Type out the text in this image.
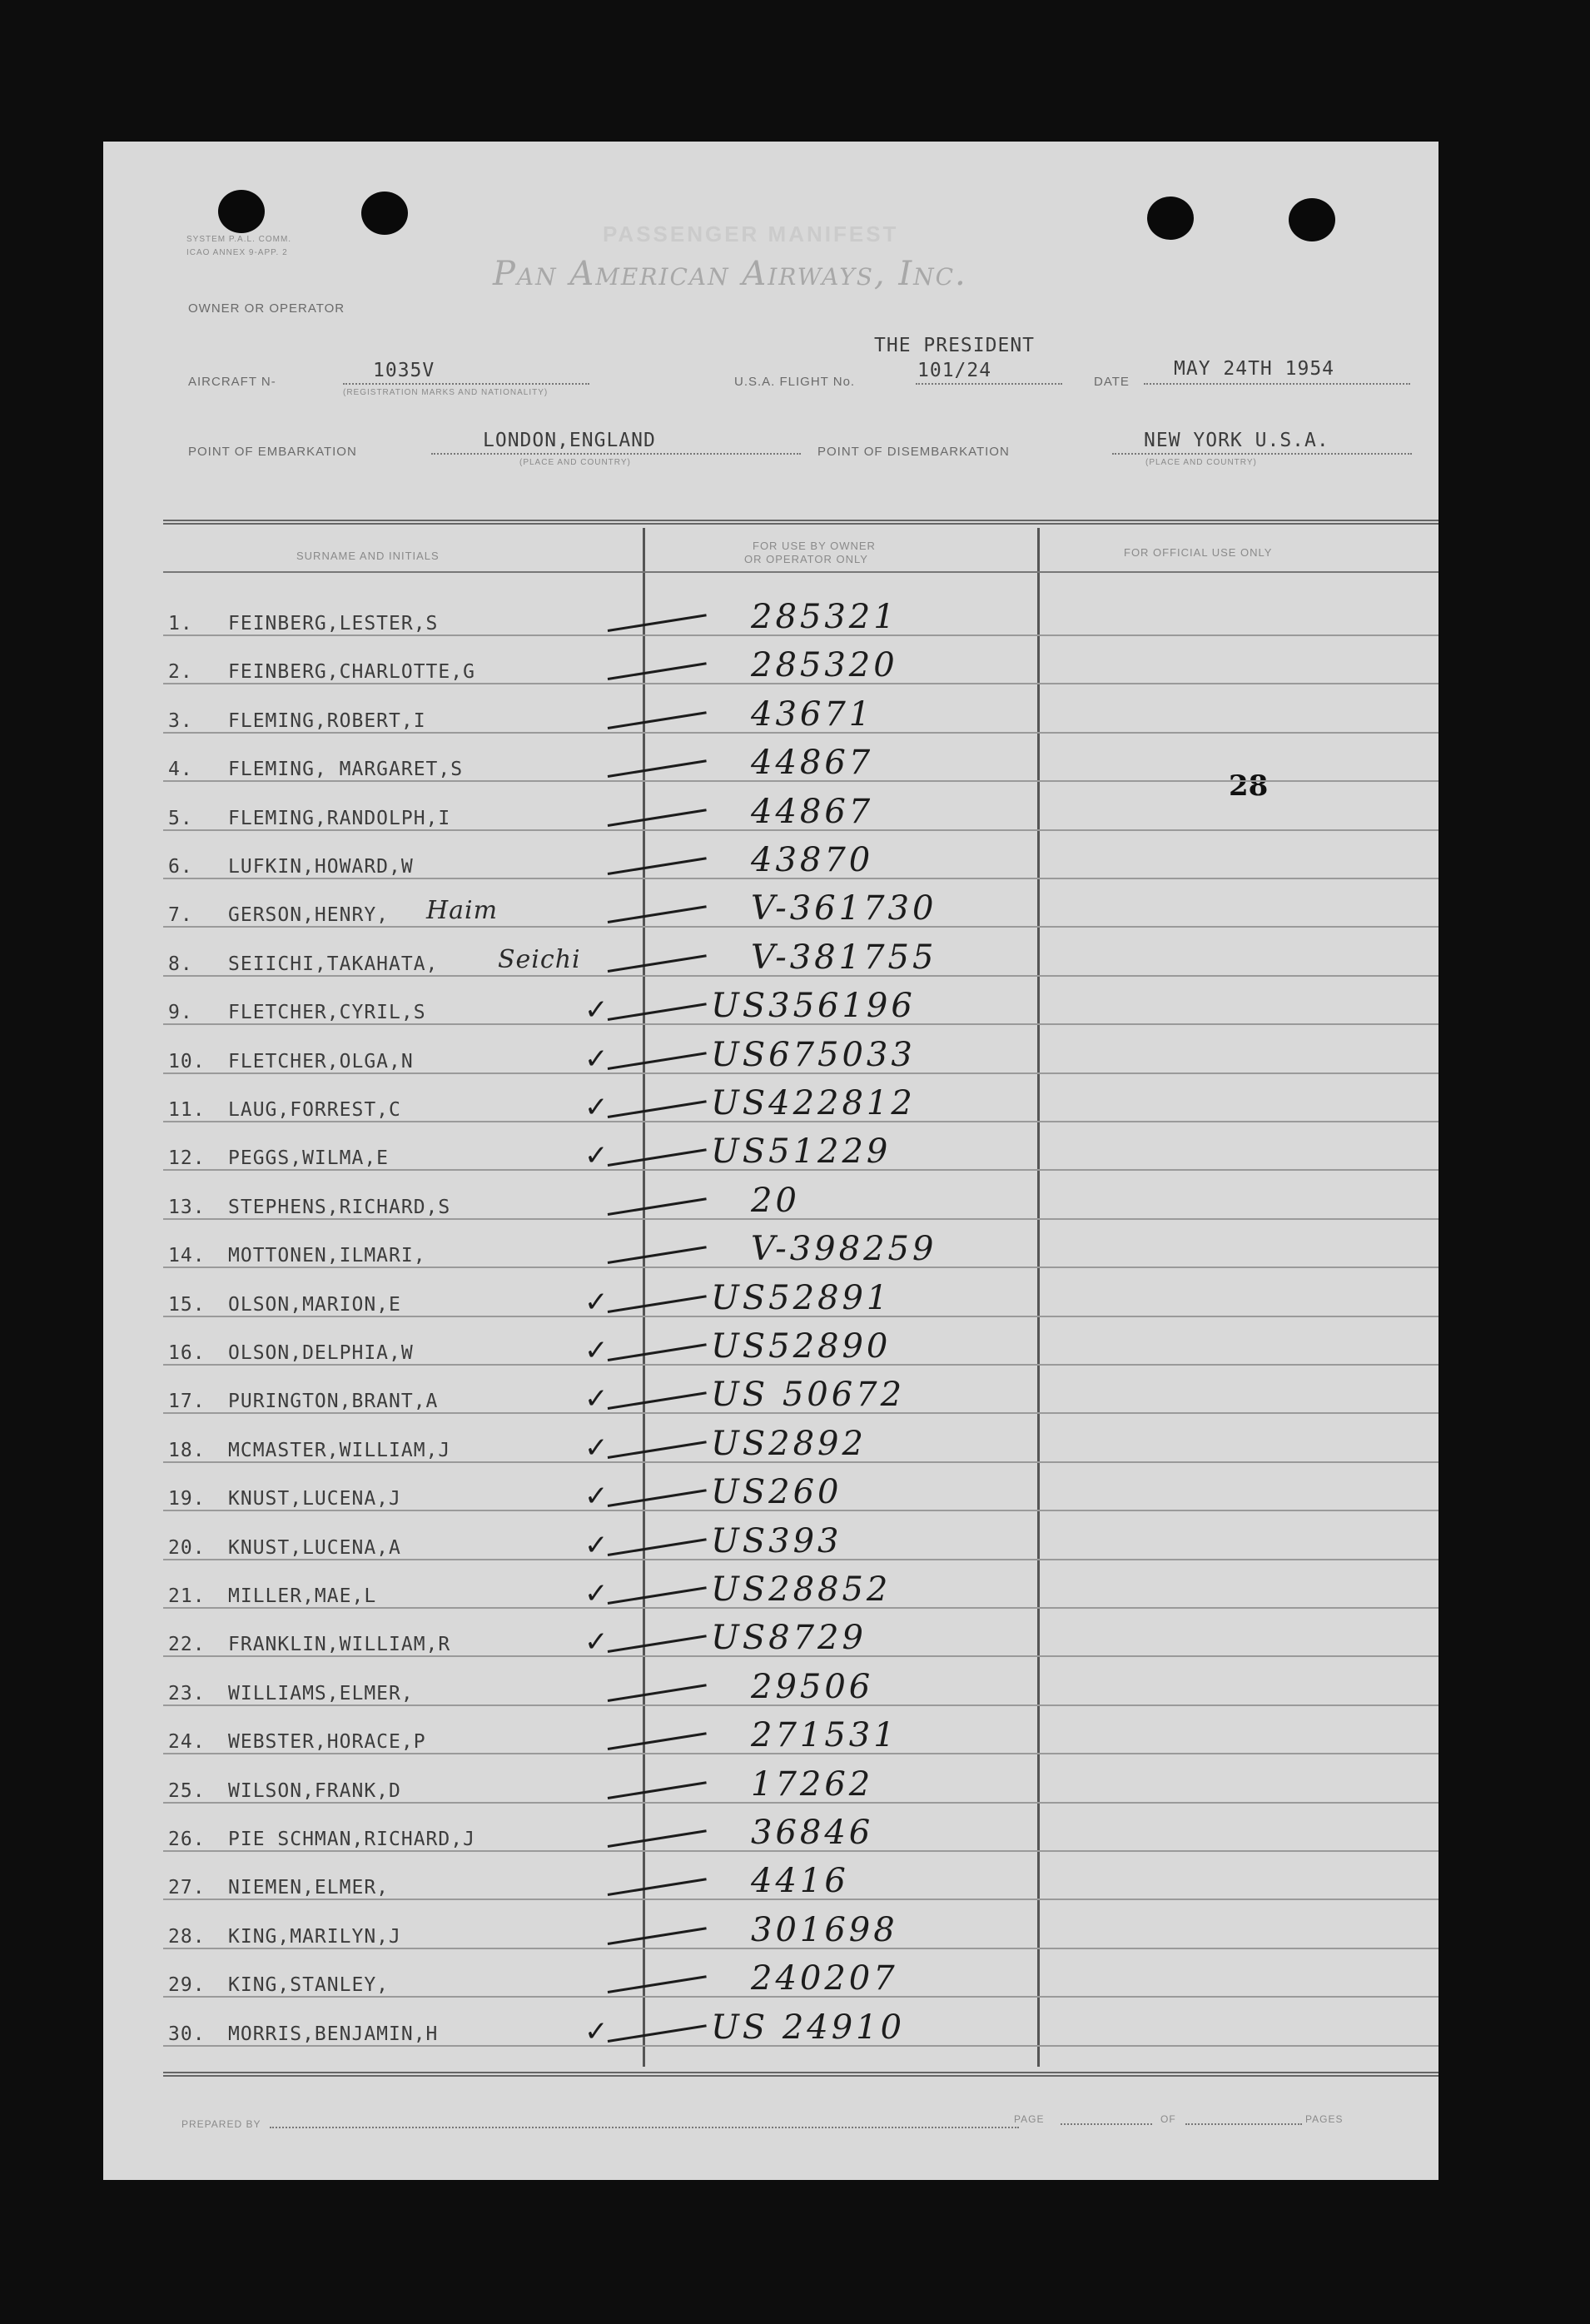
SYSTEM P.A.L. COMM.
ICAO ANNEX 9-APP. 2
PASSENGER MANIFEST
Pan American Airways, Inc.
OWNER OR OPERATOR
AIRCRAFT N-
1035V
(REGISTRATION MARKS AND NATIONALITY)
THE PRESIDENT
U.S.A. FLIGHT No.
101/24
DATE
MAY 24TH 1954
POINT OF EMBARKATION
LONDON,ENGLAND
(PLACE AND COUNTRY)
POINT OF DISEMBARKATION
NEW YORK U.S.A.
(PLACE AND COUNTRY)
SURNAME AND INITIALS
FOR USE BY OWNER
OR OPERATOR ONLY
FOR OFFICIAL USE ONLY
28
1. FEINBERG,LESTER,S	285321
2. FEINBERG,CHARLOTTE,G	285320
3. FLEMING,ROBERT,I	43671
4. FLEMING, MARGARET,S	44867
5. FLEMING,RANDOLPH,I	44867
6. LUFKIN,HOWARD,W	43870
7. GERSON,HENRY, Haim	V-361730
8. SEIICHI,TAKAHATA, Seichi	V-381755
9. FLETCHER,CYRIL,S	✓	US356196
10. FLETCHER,OLGA,N	✓	US675033
11. LAUG,FORREST,C	✓	US422812
12. PEGGS,WILMA,E	✓	US51229
13. STEPHENS,RICHARD,S	20
14. MOTTONEN,ILMARI,	V-398259
15. OLSON,MARION,E	✓	US52891
16. OLSON,DELPHIA,W	✓	US52890
17. PURINGTON,BRANT,A	✓	US 50672
18. MCMASTER,WILLIAM,J	✓	US2892
19. KNUST,LUCENA,J	✓	US260
20. KNUST,LUCENA,A	✓	US393
21. MILLER,MAE,L	✓	US28852
22. FRANKLIN,WILLIAM,R	✓	US8729
23. WILLIAMS,ELMER,	29506
24. WEBSTER,HORACE,P	271531
25. WILSON,FRANK,D	17262
26. PIE SCHMAN,RICHARD,J	36846
27. NIEMEN,ELMER,	4416
28. KING,MARILYN,J	301698
29. KING,STANLEY,	240207
30. MORRIS,BENJAMIN,H	✓	US 24910
PREPARED BY	PAGE	OF	PAGES
